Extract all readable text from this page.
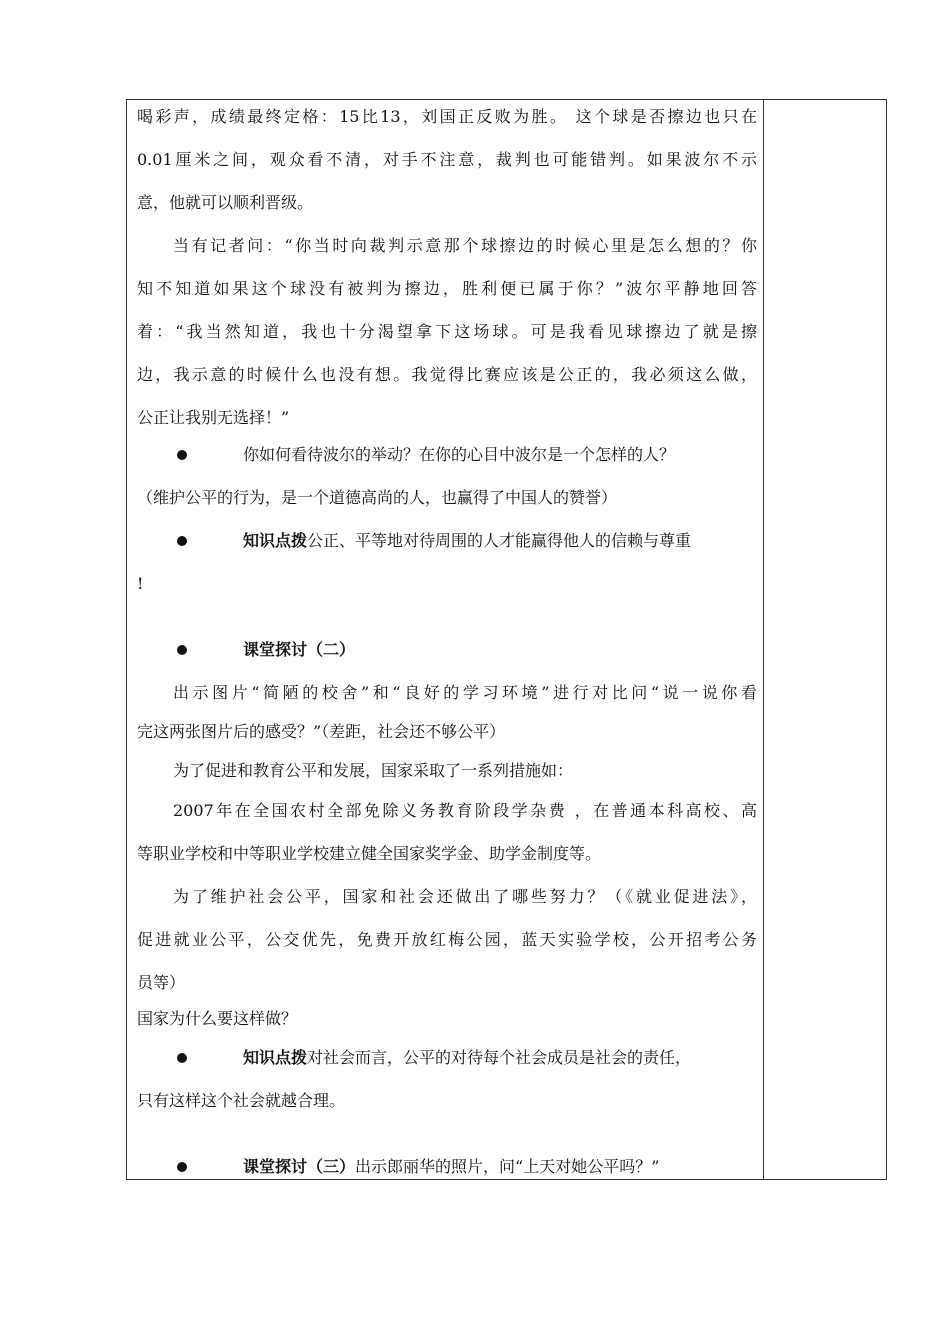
喝彩声，成绩最终定格：15比13，刘国正反败为胜。 这个球是否擦边也只在
0.01厘米之间，观众看不清，对手不注意，裁判也可能错判。如果波尔不示
意，他就可以顺利晋级。
当有记者问：“你当时向裁判示意那个球擦边的时候心里是怎么想的？你
知不知道如果这个球没有被判为擦边，胜利便已属于你？”波尔平静地回答
着：“我当然知道，我也十分渴望拿下这场球。可是我看见球擦边了就是擦
边，我示意的时候什么也没有想。我觉得比赛应该是公正的，我必须这么做，
公正让我别无选择！”
你如何看待波尔的举动？在你的心目中波尔是一个怎样的人？
（维护公平的行为，是一个道德高尚的人，也赢得了中国人的赞誉）
知识点拨公正、平等地对待周围的人才能赢得他人的信赖与尊重
!
课堂探讨（二）
出示图片“简陋的校舍”和“良好的学习环境”进行对比问“说一说你看
完这两张图片后的感受？”（差距，社会还不够公平）
为了促进和教育公平和发展，国家采取了一系列措施如：
2007年在全国农村全部免除义务教育阶段学杂费 ，在普通本科高校、高
等职业学校和中等职业学校建立健全国家奖学金、助学金制度等。
为了维护社会公平，国家和社会还做出了哪些努力？（《就业促进法》，
促进就业公平，公交优先，免费开放红梅公园，蓝天实验学校，公开招考公务
员等）
国家为什么要这样做？
知识点拨对社会而言，公平的对待每个社会成员是社会的责任，
只有这样这个社会就越合理。
课堂探讨（三）出示郎丽华的照片，问“上天对她公平吗？”
